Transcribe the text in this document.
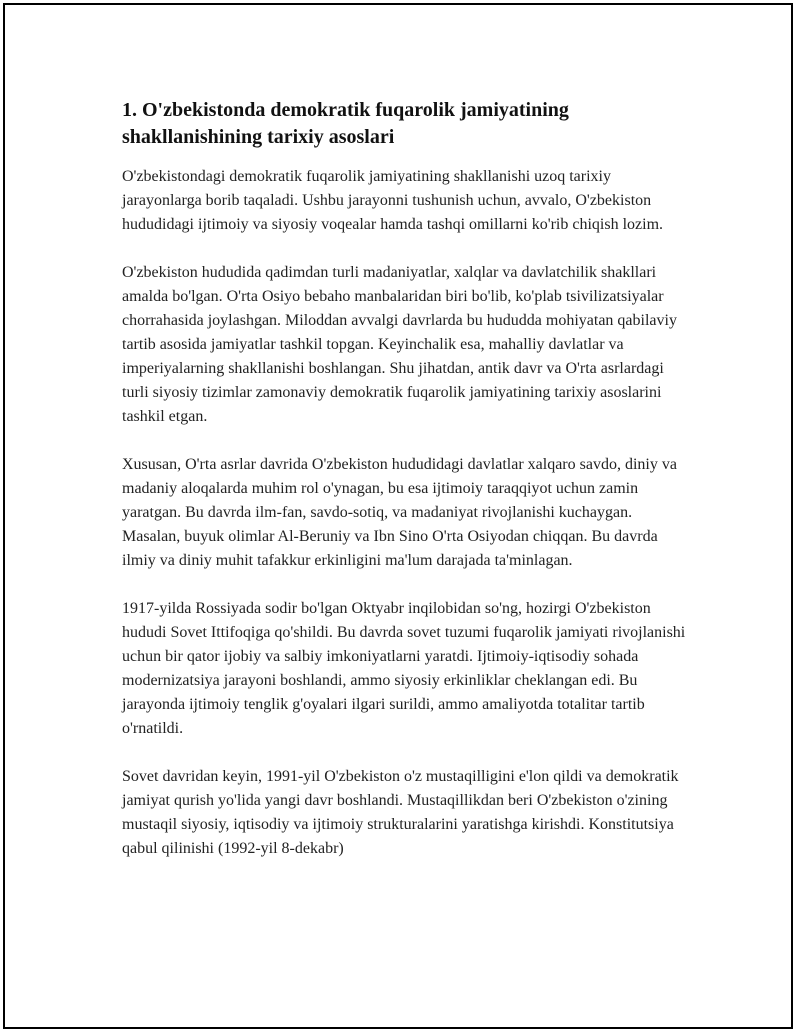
1. O'zbekistonda demokratik fuqarolik jamiyatining shakllanishining tarixiy asoslari

O'zbekistondagi demokratik fuqarolik jamiyatining shakllanishi uzoq tarixiy jarayonlarga borib taqaladi. Ushbu jarayonni tushunish uchun, avvalo, O'zbekiston hududidagi ijtimoiy va siyosiy voqealar hamda tashqi omillarni ko'rib chiqish lozim.

O'zbekiston hududida qadimdan turli madaniyatlar, xalqlar va davlatchilik shakllari amalda bo'lgan. O'rta Osiyo bebaho manbalaridan biri bo'lib, ko'plab tsivilizatsiyalar chorrahasida joylashgan. Miloddan avvalgi davrlarda bu hududda mohiyatan qabilaviy tartib asosida jamiyatlar tashkil topgan. Keyinchalik esa, mahalliy davlatlar va imperiyalarning shakllanishi boshlangan. Shu jihatdan, antik davr va O'rta asrlardagi turli siyosiy tizimlar zamonaviy demokratik fuqarolik jamiyatining tarixiy asoslarini tashkil etgan.

Xususan, O'rta asrlar davrida O'zbekiston hududidagi davlatlar xalqaro savdo, diniy va madaniy aloqalarda muhim rol o'ynagan, bu esa ijtimoiy taraqqiyot uchun zamin yaratgan. Bu davrda ilm-fan, savdo-sotiq, va madaniyat rivojlanishi kuchaygan. Masalan, buyuk olimlar Al-Beruniy va Ibn Sino O'rta Osiyodan chiqqan. Bu davrda ilmiy va diniy muhit tafakkur erkinligini ma'lum darajada ta'minlagan.

1917-yilda Rossiyada sodir bo'lgan Oktyabr inqilobidan so'ng, hozirgi O'zbekiston hududi Sovet Ittifoqiga qo'shildi. Bu davrda sovet tuzumi fuqarolik jamiyati rivojlanishi uchun bir qator ijobiy va salbiy imkoniyatlarni yaratdi. Ijtimoiy-iqtisodiy sohada modernizatsiya jarayoni boshlandi, ammo siyosiy erkinliklar cheklangan edi. Bu jarayonda ijtimoiy tenglik g'oyalari ilgari surildi, ammo amaliyotda totalitar tartib o'rnatildi.

Sovet davridan keyin, 1991-yil O'zbekiston o'z mustaqilligini e'lon qildi va demokratik jamiyat qurish yo'lida yangi davr boshlandi. Mustaqillikdan beri O'zbekiston o'zining mustaqil siyosiy, iqtisodiy va ijtimoiy strukturalarini yaratishga kirishdi. Konstitutsiya qabul qilinishi (1992-yil 8-dekabr)
